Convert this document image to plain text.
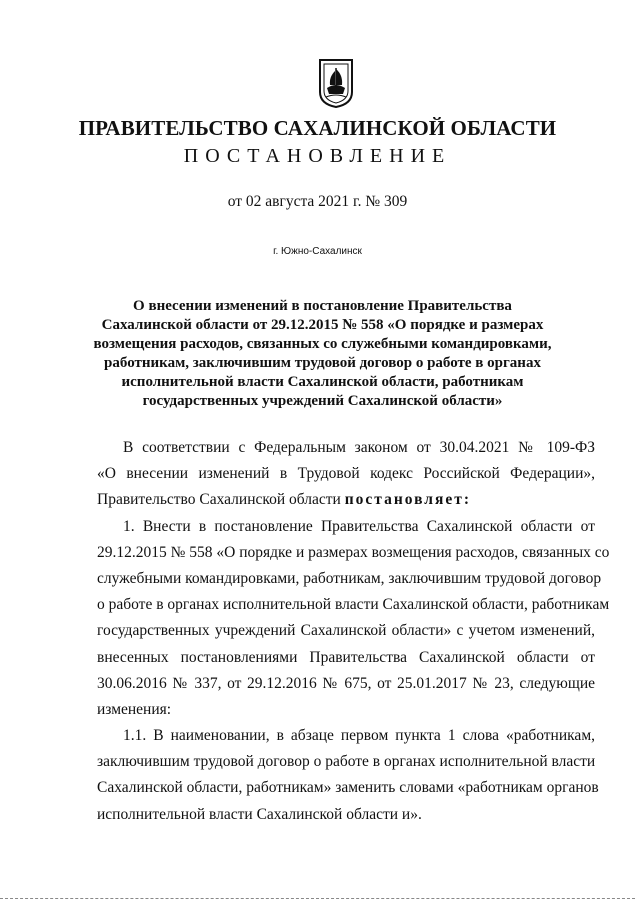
ПРАВИТЕЛЬСТВО САХАЛИНСКОЙ ОБЛАСТИ
ПОСТАНОВЛЕНИЕ
от 02 августа 2021 г. № 309
г. Южно-Сахалинск
О внесении изменений в постановление Правительства
Сахалинской области от 29.12.2015 № 558 «О порядке и размерах
возмещения расходов, связанных со служебными командировками,
работникам, заключившим трудовой договор о работе в органах
исполнительной власти Сахалинской области, работникам
государственных учреждений Сахалинской области»
В соответствии с Федеральным законом от 30.04.2021 № 109-ФЗ
«О внесении изменений в Трудовой кодекс Российской Федерации»,
Правительство Сахалинской области постановляет:
1. Внести в постановление Правительства Сахалинской области от
29.12.2015 № 558 «О порядке и размерах возмещения расходов, связанных со
служебными командировками, работникам, заключившим трудовой договор
о работе в органах исполнительной власти Сахалинской области, работникам
государственных учреждений Сахалинской области» с учетом изменений,
внесенных постановлениями Правительства Сахалинской области от
30.06.2016 № 337, от 29.12.2016 № 675, от 25.01.2017 № 23, следующие
изменения:
1.1. В наименовании, в абзаце первом пункта 1 слова «работникам,
заключившим трудовой договор о работе в органах исполнительной власти
Сахалинской области, работникам» заменить словами «работникам органов
исполнительной власти Сахалинской области и».
